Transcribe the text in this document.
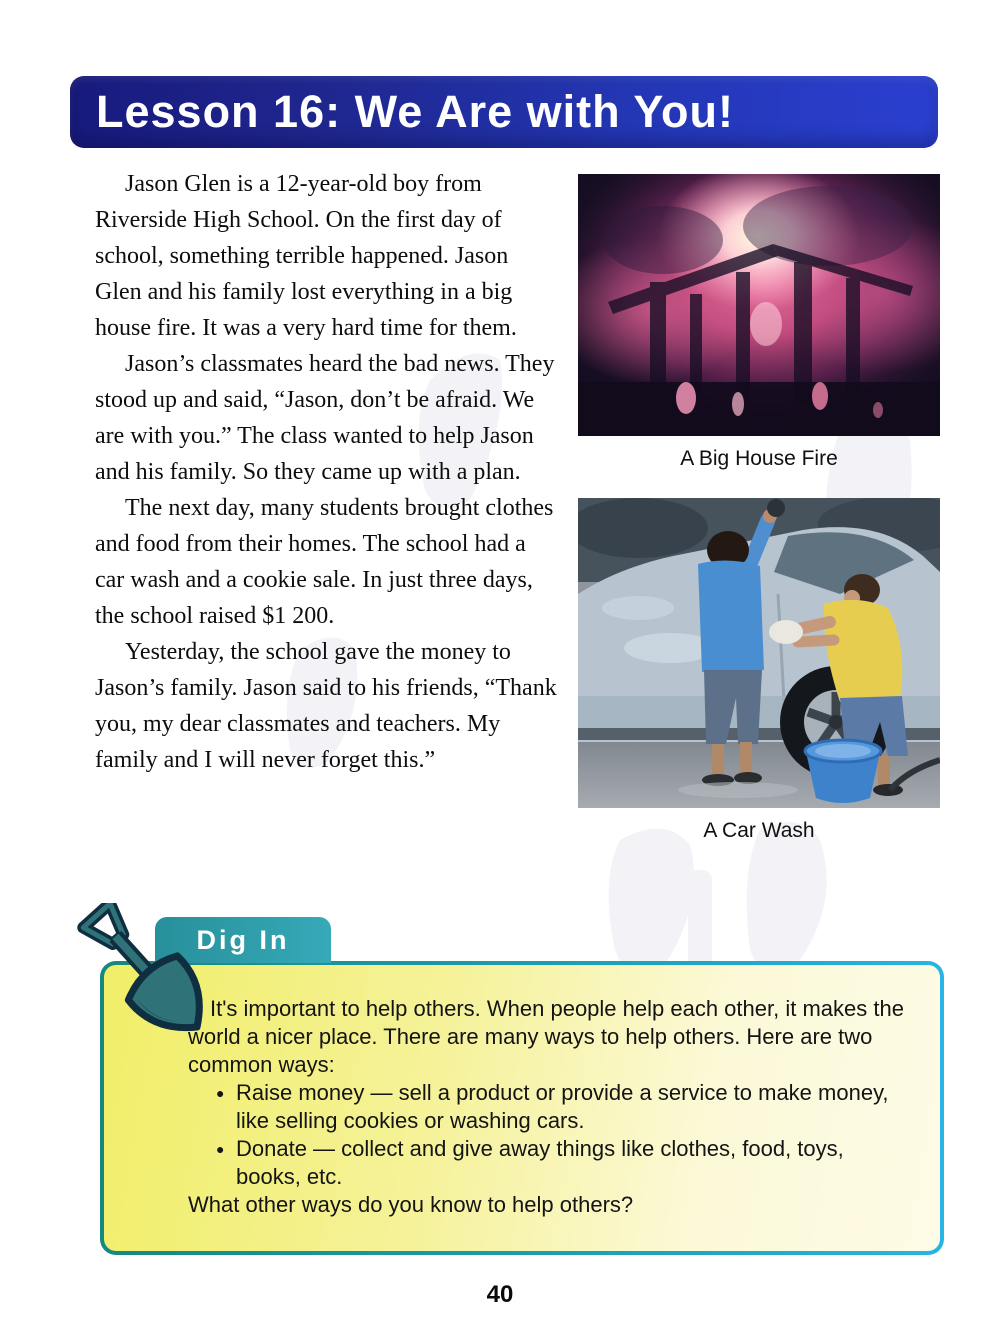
Lesson 16: We Are with You!

Jason Glen is a 12-year-old boy from Riverside High School. On the first day of school, something terrible happened. Jason Glen and his family lost everything in a big house fire. It was a very hard time for them.

Jason’s classmates heard the bad news. They stood up and said, “Jason, don’t be afraid. We are with you.” The class wanted to help Jason and his family. So they came up with a plan.

The next day, many students brought clothes and food from their homes. The school had a car wash and a cookie sale. In just three days, the school raised $1 200.

Yesterday, the school gave the money to Jason’s family. Jason said to his friends, “Thank you, my dear classmates and teachers. My family and I will never forget this.”

A Big House Fire
A Car Wash
Dig In

It's important to help others. When people help each other, it makes the world a nicer place. There are many ways to help others. Here are two common ways:

● Raise money — sell a product or provide a service to make money, like selling cookies or washing cars.
● Donate — collect and give away things like clothes, food, toys, books, etc.

What other ways do you know to help others?

40
